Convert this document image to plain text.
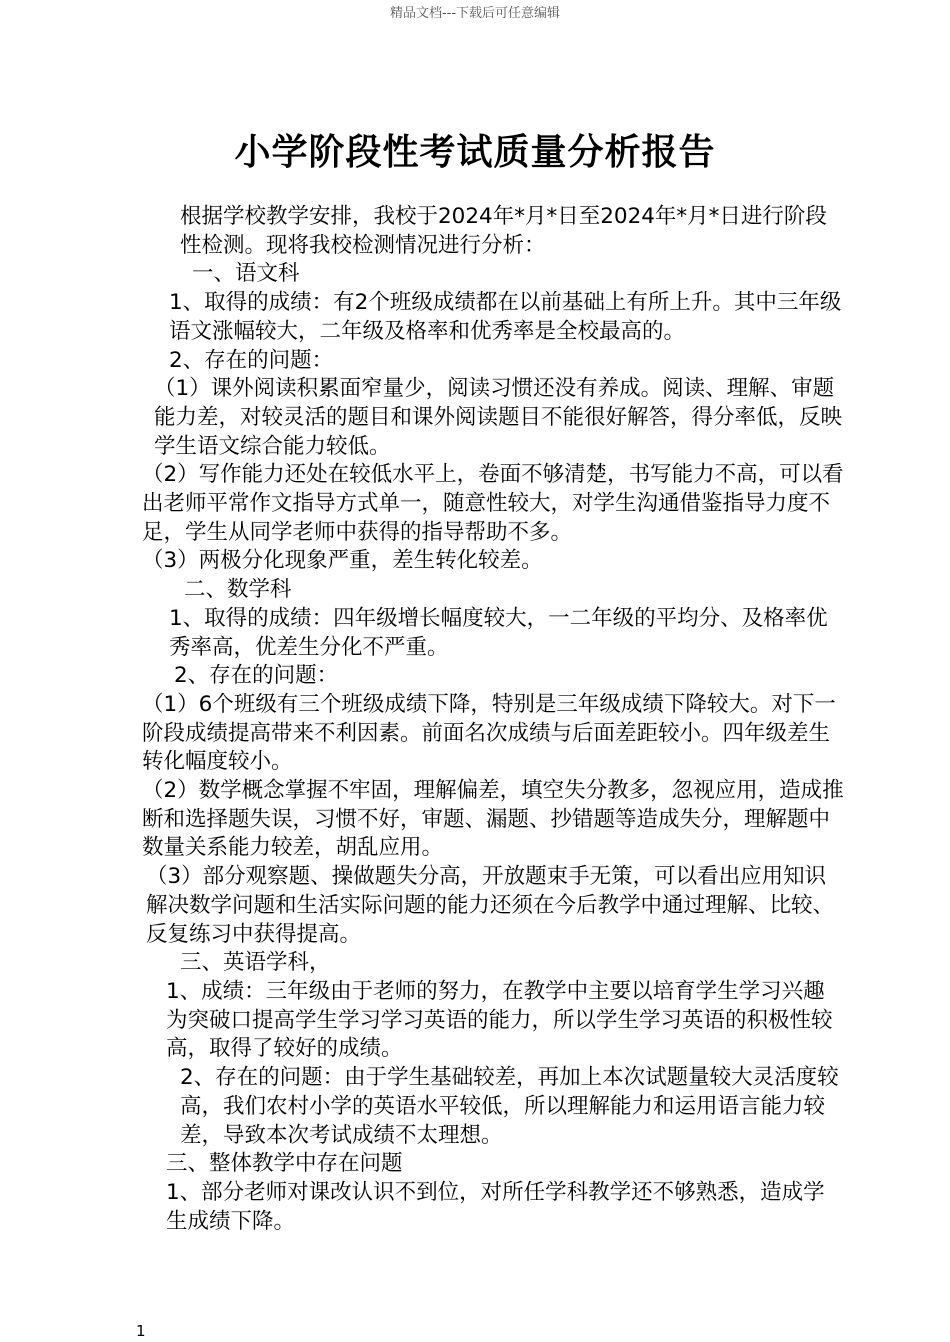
精品文档---下载后可任意编辑
小学阶段性考试质量分析报告

根据学校教学安排，我校于2024年*月*日至2024年*月*日进行阶段性检测。现将我校检测情况进行分析：

一、语文科

1、取得的成绩：有2个班级成绩都在以前基础上有所上升。其中三年级语文涨幅较大，二年级及格率和优秀率是全校最高的。

2、存在的问题：

（1）课外阅读积累面窄量少，阅读习惯还没有养成。阅读、理解、审题能力差，对较灵活的题目和课外阅读题目不能很好解答，得分率低，反映学生语文综合能力较低。

（2）写作能力还处在较低水平上，卷面不够清楚，书写能力不高，可以看出老师平常作文指导方式单一，随意性较大，对学生沟通借鉴指导力度不足，学生从同学老师中获得的指导帮助不多。

（3）两极分化现象严重，差生转化较差。

二、数学科

1、取得的成绩：四年级增长幅度较大，一二年级的平均分、及格率优秀率高，优差生分化不严重。

2、存在的问题：

（1）6个班级有三个班级成绩下降，特别是三年级成绩下降较大。对下一阶段成绩提高带来不利因素。前面名次成绩与后面差距较小。四年级差生转化幅度较小。

（2）数学概念掌握不牢固，理解偏差，填空失分教多，忽视应用，造成推断和选择题失误，习惯不好，审题、漏题、抄错题等造成失分，理解题中数量关系能力较差，胡乱应用。

（3）部分观察题、操做题失分高，开放题束手无策，可以看出应用知识解决数学问题和生活实际问题的能力还须在今后教学中通过理解、比较、反复练习中获得提高。

三、英语学科，

1、成绩：三年级由于老师的努力，在教学中主要以培育学生学习兴趣为突破口提高学生学习学习英语的能力，所以学生学习英语的积极性较高，取得了较好的成绩。

2、存在的问题：由于学生基础较差，再加上本次试题量较大灵活度较高，我们农村小学的英语水平较低，所以理解能力和运用语言能力较差，导致本次考试成绩不太理想。

三、整体教学中存在问题

1、部分老师对课改认识不到位，对所任学科教学还不够熟悉，造成学生成绩下降。

1
